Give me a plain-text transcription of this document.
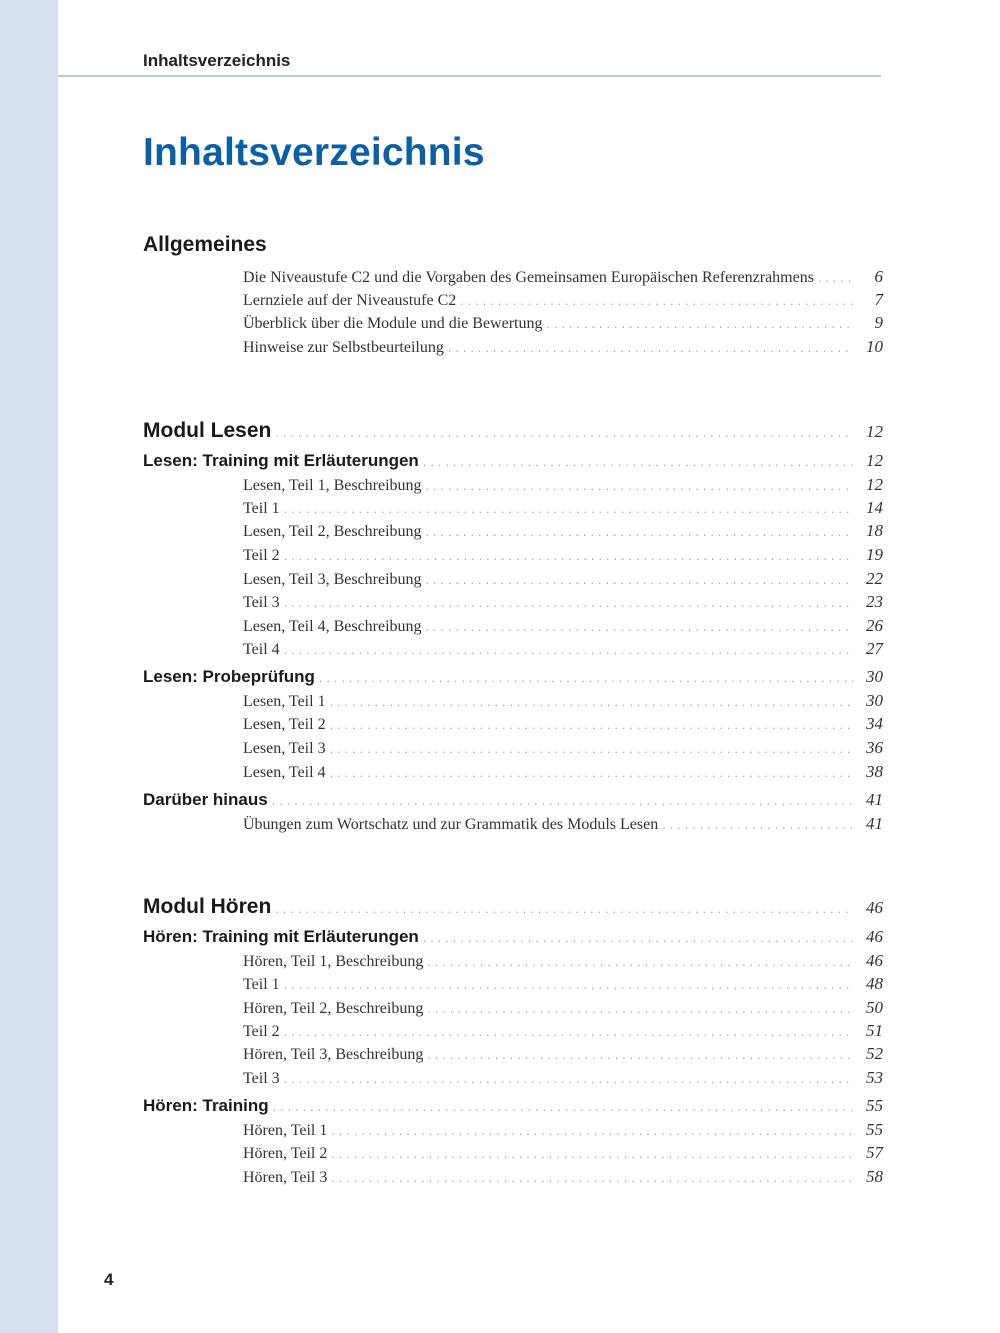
Inhaltsverzeichnis
Inhaltsverzeichnis
Allgemeines
Die Niveaustufe C2 und die Vorgaben des Gemeinsamen Europäischen Referenzrahmens .....	6
Lernziele auf der Niveaustufe C2 .....	7
Überblick über die Module und die Bewertung .....	9
Hinweise zur Selbstbeurteilung .....	10
Modul Lesen .....	12
Lesen: Training mit Erläuterungen .....	12
Lesen, Teil 1, Beschreibung .....	12
Teil 1 .....	14
Lesen, Teil 2, Beschreibung .....	18
Teil 2 .....	19
Lesen, Teil 3, Beschreibung .....	22
Teil 3 .....	23
Lesen, Teil 4, Beschreibung .....	26
Teil 4 .....	27
Lesen: Probeprüfung .....	30
Lesen, Teil 1 .....	30
Lesen, Teil 2 .....	34
Lesen, Teil 3 .....	36
Lesen, Teil 4 .....	38
Darüber hinaus .....	41
Übungen zum Wortschatz und zur Grammatik des Moduls Lesen .....	41
Modul Hören .....	46
Hören: Training mit Erläuterungen .....	46
Hören, Teil 1, Beschreibung .....	46
Teil 1 .....	48
Hören, Teil 2, Beschreibung .....	50
Teil 2 .....	51
Hören, Teil 3, Beschreibung .....	52
Teil 3 .....	53
Hören: Training .....	55
Hören, Teil 1 .....	55
Hören, Teil 2 .....	57
Hören, Teil 3 .....	58
4
